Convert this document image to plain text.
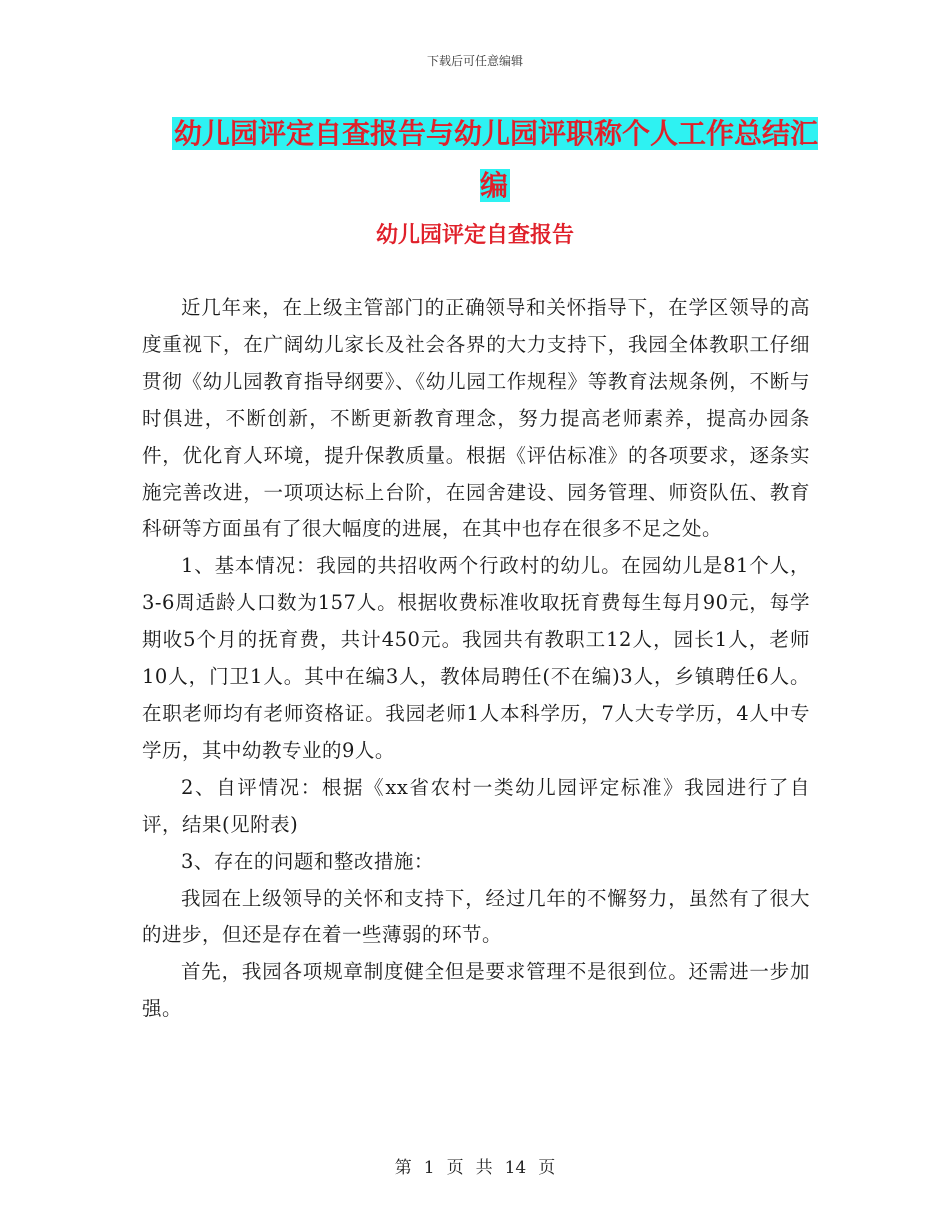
下载后可任意编辑
幼儿园评定自查报告与幼儿园评职称个人工作总结汇编
幼儿园评定自查报告

近几年来，在上级主管部门的正确领导和关怀指导下，在学区领导的高度重视下，在广阔幼儿家长及社会各界的大力支持下，我园全体教职工仔细贯彻《幼儿园教育指导纲要》、《幼儿园工作规程》等教育法规条例，不断与时俱进，不断创新，不断更新教育理念，努力提高老师素养，提高办园条件，优化育人环境，提升保教质量。根据《评估标准》的各项要求，逐条实施完善改进，一项项达标上台阶，在园舍建设、园务管理、师资队伍、教育科研等方面虽有了很大幅度的进展，在其中也存在很多不足之处。

1、基本情况：我园的共招收两个行政村的幼儿。在园幼儿是81个人，3-6周适龄人口数为157人。根据收费标准收取抚育费每生每月90元，每学期收5个月的抚育费，共计450元。我园共有教职工12人，园长1人，老师10人，门卫1人。其中在编3人，教体局聘任(不在编)3人，乡镇聘任6人。在职老师均有老师资格证。我园老师1人本科学历，7人大专学历，4人中专学历，其中幼教专业的9人。

2、自评情况：根据《xx省农村一类幼儿园评定标准》我园进行了自评，结果(见附表)

3、存在的问题和整改措施：

我园在上级领导的关怀和支持下，经过几年的不懈努力，虽然有了很大的进步，但还是存在着一些薄弱的环节。

首先，我园各项规章制度健全但是要求管理不是很到位。还需进一步加强。

第 1 页 共 14 页
